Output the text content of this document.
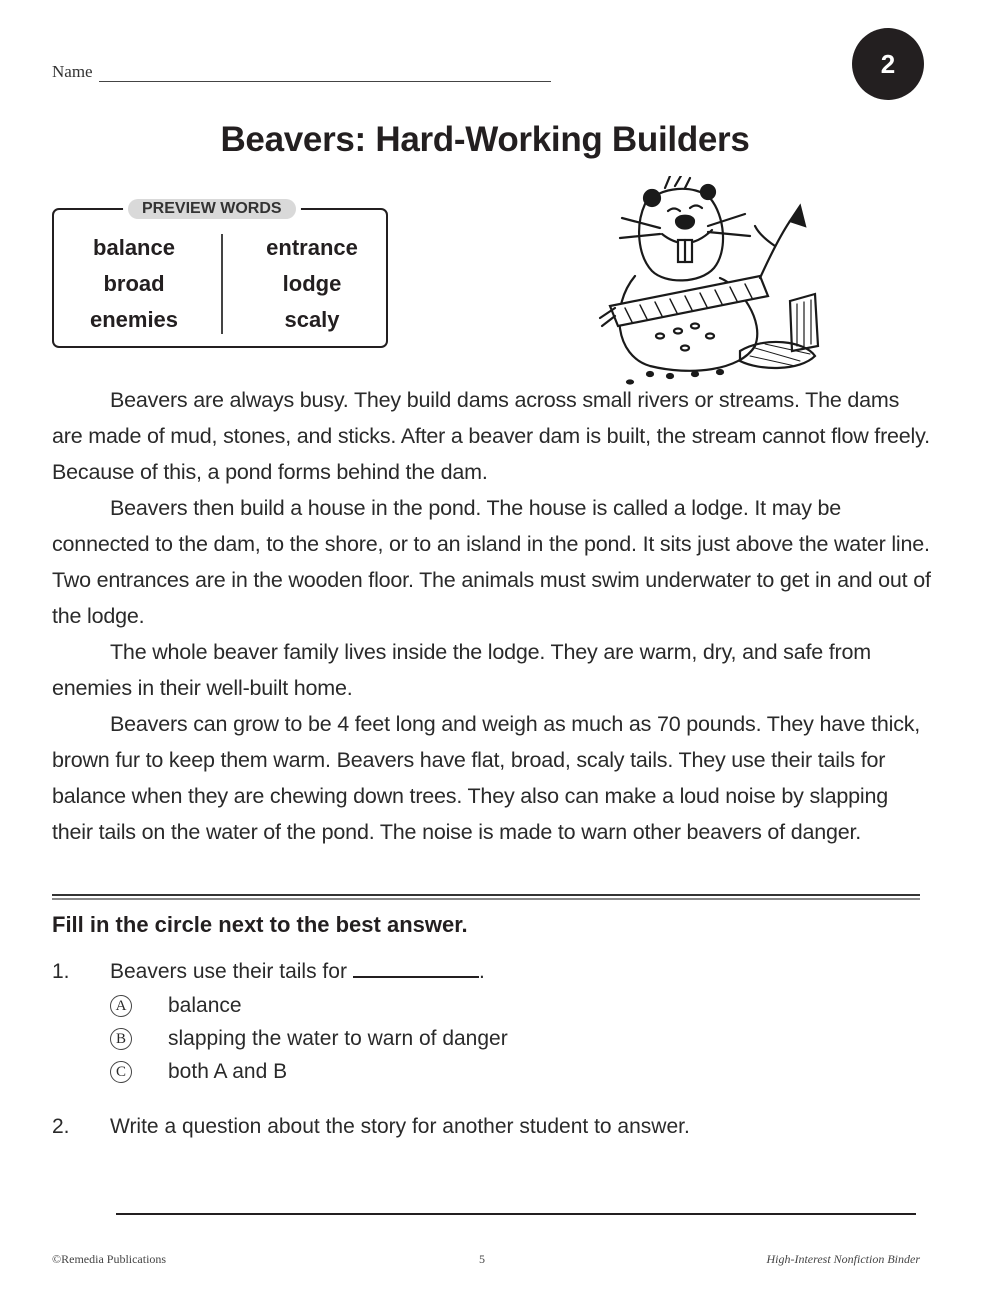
Name	2
Beavers: Hard-Working Builders
PREVIEW WORDS
balance
broad
enemies
entrance
lodge
scaly

Beavers are always busy. They build dams across small rivers or streams. The dams are made of mud, stones, and sticks. After a beaver dam is built, the stream cannot flow freely. Because of this, a pond forms behind the dam.

Beavers then build a house in the pond. The house is called a lodge. It may be connected to the dam, to the shore, or to an island in the pond. It sits just above the water line. Two entrances are in the wooden floor. The animals must swim underwater to get in and out of the lodge.

The whole beaver family lives inside the lodge. They are warm, dry, and safe from enemies in their well-built home.

Beavers can grow to be 4 feet long and weigh as much as 70 pounds. They have thick, brown fur to keep them warm. Beavers have flat, broad, scaly tails. They use their tails for balance when they are chewing down trees. They also can make a loud noise by slapping their tails on the water of the pond. The noise is made to warn other beavers of danger.

Fill in the circle next to the best answer.
1. Beavers use their tails for	.
A balance
B slapping the water to warn of danger
C both A and B
2. Write a question about the story for another student to answer.
©Remedia Publications	5	High-Interest Nonfiction Binder
